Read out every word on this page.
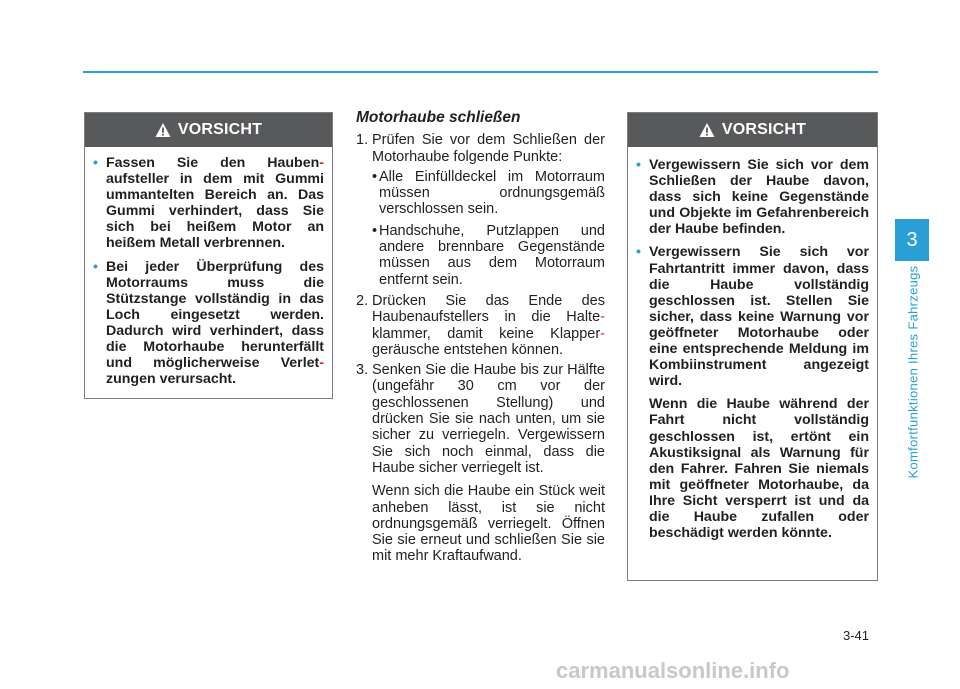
VORSICHT
• Fassen Sie den Hauben- aufsteller in dem mit Gummi ummantelten Bereich an. Das Gummi verhindert, dass Sie sich bei heißem Motor an heißem Metall verbrennen.
• Bei jeder Überprüfung des Motorraums muss die Stützstange vollständig in das Loch eingesetzt werden. Dadurch wird verhindert, dass die Motorhaube herunterfällt und möglicherweise Verlet- zungen verursacht.
Motorhaube schließen
1. Prüfen Sie vor dem Schließen der Motorhaube folgende Punkte:
• Alle Einfülldeckel im Motorraum müssen ordnungsgemäß verschlossen sein.
• Handschuhe, Putzlappen und andere brennbare Gegenstände müssen aus dem Motorraum entfernt sein.
2. Drücken Sie das Ende des Haubenaufstellers in die Halte- klammer, damit keine Klapper- geräusche entstehen können.
3. Senken Sie die Haube bis zur Hälfte (ungefähr 30 cm vor der geschlossenen Stellung) und drücken Sie sie nach unten, um sie sicher zu verriegeln. Vergewissern Sie sich noch einmal, dass die Haube sicher verriegelt ist.
Wenn sich die Haube ein Stück weit anheben lässt, ist sie nicht ordnungsgemäß verriegelt. Öffnen Sie sie erneut und schließen Sie sie mit mehr Kraftaufwand.
VORSICHT
• Vergewissern Sie sich vor dem Schließen der Haube davon, dass sich keine Gegenstände und Objekte im Gefahrenbereich der Haube befinden.
• Vergewissern Sie sich vor Fahrtantritt immer davon, dass die Haube vollständig geschlossen ist. Stellen Sie sicher, dass keine Warnung vor geöffneter Motorhaube oder eine entsprechende Meldung im Kombiinstrument angezeigt wird.
Wenn die Haube während der Fahrt nicht vollständig geschlossen ist, ertönt ein Akustiksignal als Warnung für den Fahrer. Fahren Sie niemals mit geöffneter Motorhaube, da Ihre Sicht versperrt ist und da die Haube zufallen oder beschädigt werden könnte.
3
Komfortfunktionen Ihres Fahrzeugs
3-41
carmanualsonline.info
